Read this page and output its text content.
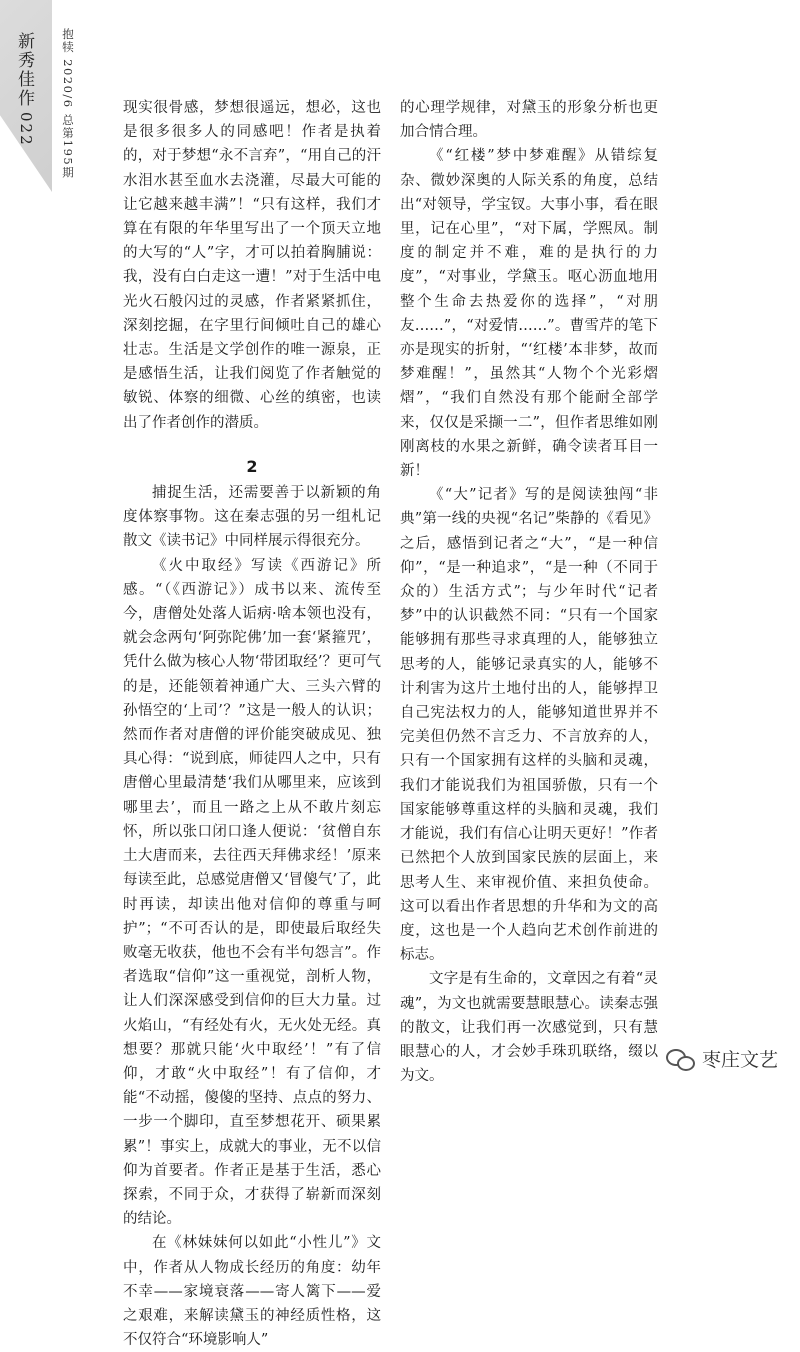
新秀佳作
022 抱犊 2020/6 总第195期	现实很骨感，梦想很遥远，想必，这也是很多很多人的同感吧！作者是执着的，对于梦想“永不言弃”，“用自己的汗水泪水甚至血水去浇灌，尽最大可能的让它越来越丰满”！“只有这样，我们才算在有限的年华里写出了一个顶天立地的大写的“人”字，才可以拍着胸脯说：我，没有白白走这一遭！”对于生活中电光火石般闪过的灵感，作者紧紧抓住，深刻挖掘，在字里行间倾吐自己的雄心壮志。生活是文学创作的唯一源泉，正是感悟生活，让我们阅览了作者触觉的敏锐、体察的细微、心丝的缜密，也读出了作者创作的潜质。

2

捕捉生活，还需要善于以新颖的角度体察事物。这在秦志强的另一组札记散文《读书记》中同样展示得很充分。

《火中取经》写读《西游记》所感。“（《西游记》）成书以来、流传至今，唐僧处处落人诟病·啥本领也没有，就会念两句‘阿弥陀佛’加一套‘紧箍咒’，凭什么做为核心人物‘带团取经’？更可气的是，还能领着神通广大、三头六臂的孙悟空的‘上司’？”这是一般人的认识；然而作者对唐僧的评价能突破成见、独具心得：“说到底，师徒四人之中，只有唐僧心里最清楚‘我们从哪里来，应该到哪里去’，而且一路之上从不敢片刻忘怀，所以张口闭口逢人便说：‘贫僧自东土大唐而来，去往西天拜佛求经！’原来每读至此，总感觉唐僧又‘冒傻气’了，此时再读，却读出他对信仰的尊重与呵护”；“不可否认的是，即使最后取经失败毫无收获，他也不会有半句怨言”。作者选取“信仰”这一重视觉，剖析人物，让人们深深感受到信仰的巨大力量。过火焰山，“有经处有火，无火处无经。真想要？那就只能‘火中取经’！”有了信仰，才敢“火中取经”！有了信仰，才能“不动摇，傻傻的坚持、点点的努力、一步一个脚印，直至梦想花开、硕果累累”！事实上，成就大的事业，无不以信仰为首要者。作者正是基于生活，悉心探索，不同于众，才获得了崭新而深刻的结论。

在《林妹妹何以如此“小性儿”》文中，作者从人物成长经历的角度：幼年不幸——家境衰落——寄人篱下——爱之艰难，来解读黛玉的神经质性格，这不仅符合“环境影响人”

的心理学规律，对黛玉的形象分析也更加合情合理。

《“红楼”梦中梦难醒》从错综复杂、微妙深奥的人际关系的角度，总结出“对领导，学宝钗。大事小事，看在眼里，记在心里”，“对下属，学熙凤。制度的制定并不难，难的是执行的力度”，“对事业，学黛玉。呕心沥血地用整个生命去热爱你的选择”，“对朋友……”，“对爱情……”。曹雪芹的笔下亦是现实的折射，“‘红楼’本非梦，故而梦难醒！”，虽然其“人物个个光彩熠熠”，“我们自然没有那个能耐全部学来，仅仅是采撷一二”，但作者思维如刚刚离枝的水果之新鲜，确令读者耳目一新！

《“大”记者》写的是阅读独闯“非典”第一线的央视“名记”柴静的《看见》之后，感悟到记者之“大”，“是一种信仰”，“是一种追求”，“是一种（不同于众的）生活方式”；与少年时代“记者梦”中的认识截然不同：“只有一个国家能够拥有那些寻求真理的人，能够独立思考的人，能够记录真实的人，能够不计利害为这片土地付出的人，能够捍卫自己宪法权力的人，能够知道世界并不完美但仍然不言乏力、不言放弃的人，只有一个国家拥有这样的头脑和灵魂，我们才能说我们为祖国骄傲，只有一个国家能够尊重这样的头脑和灵魂，我们才能说，我们有信心让明天更好！”作者已然把个人放到国家民族的层面上，来思考人生、来审视价值、来担负使命。这可以看出作者思想的升华和为文的高度，这也是一个人趋向艺术创作前进的标志。

文字是有生命的，文章因之有着“灵魂”，为文也就需要慧眼慧心。读秦志强的散文，让我们再一次感觉到，只有慧眼慧心的人，才会妙手珠玑联络，缀以为文。

枣庄文艺
